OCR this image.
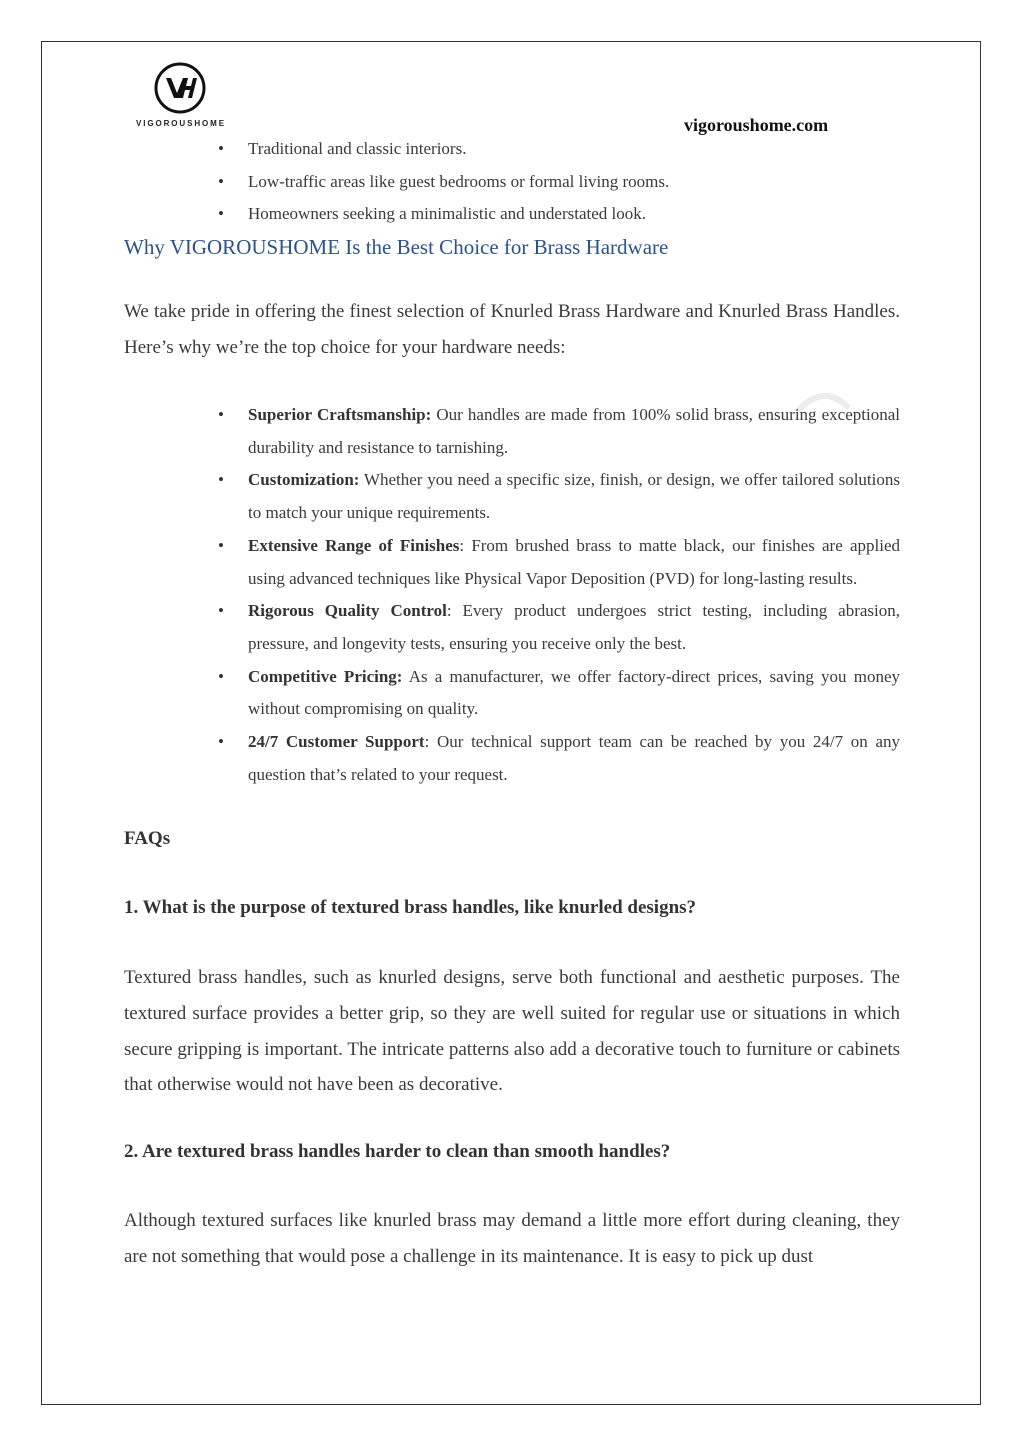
VIGOROUSHOME	vigoroushome.com
• Traditional and classic interiors.
• Low-traffic areas like guest bedrooms or formal living rooms.
• Homeowners seeking a minimalistic and understated look.
Why VIGOROUSHOME Is the Best Choice for Brass Hardware

We take pride in offering the finest selection of Knurled Brass Hardware and Knurled Brass Handles. Here’s why we’re the top choice for your hardware needs:

• Superior Craftsmanship: Our handles are made from 100% solid brass, ensuring exceptional durability and resistance to tarnishing.
• Customization: Whether you need a specific size, finish, or design, we offer tailored solutions to match your unique requirements.
• Extensive Range of Finishes: From brushed brass to matte black, our finishes are applied using advanced techniques like Physical Vapor Deposition (PVD) for long-lasting results.
• Rigorous Quality Control: Every product undergoes strict testing, including abrasion, pressure, and longevity tests, ensuring you receive only the best.
• Competitive Pricing: As a manufacturer, we offer factory-direct prices, saving you money without compromising on quality.
• 24/7 Customer Support: Our technical support team can be reached by you 24/7 on any question that’s related to your request.
FAQs
1. What is the purpose of textured brass handles, like knurled designs?

Textured brass handles, such as knurled designs, serve both functional and aesthetic purposes. The textured surface provides a better grip, so they are well suited for regular use or situations in which secure gripping is important. The intricate patterns also add a decorative touch to furniture or cabinets that otherwise would not have been as decorative.

2. Are textured brass handles harder to clean than smooth handles?

Although textured surfaces like knurled brass may demand a little more effort during cleaning, they are not something that would pose a challenge in its maintenance. It is easy to pick up dust
